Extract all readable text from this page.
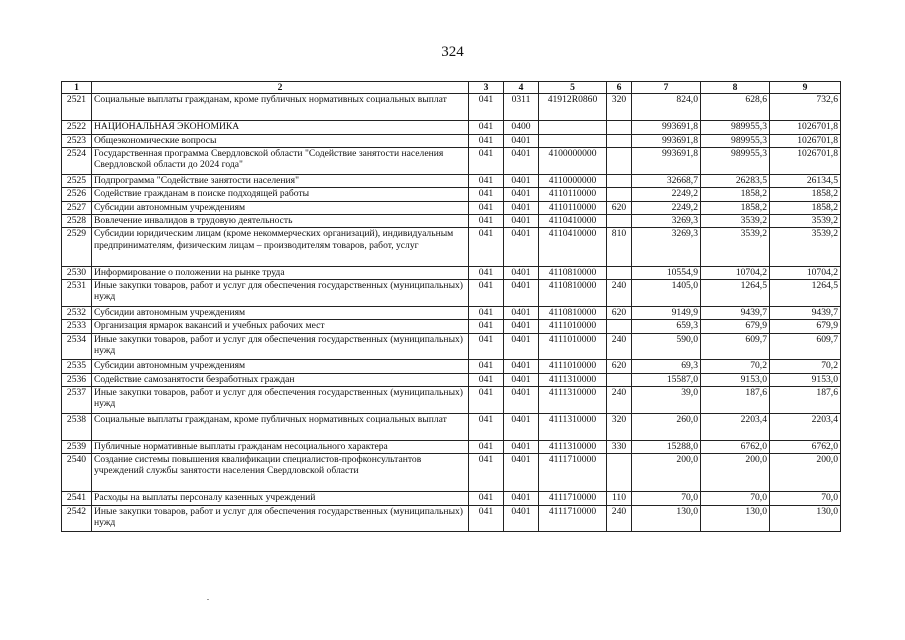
324
1	2	3	4	5	6	7	8	9
2521	Социальные выплаты гражданам, кроме публичных нормативных социальных выплат	041	0311	41912R0860	320	824,0	628,6	732,6
2522	НАЦИОНАЛЬНАЯ ЭКОНОМИКА	041	0400			993691,8	989955,3	1026701,8
2523	Общеэкономические вопросы	041	0401			993691,8	989955,3	1026701,8
2524	Государственная программа Свердловской области "Содействие занятости населения Свердловской области до 2024 года"	041	0401	4100000000		993691,8	989955,3	1026701,8
2525	Подпрограмма "Содействие занятости населения"	041	0401	4110000000		32668,7	26283,5	26134,5
2526	Содействие гражданам в поиске подходящей работы	041	0401	4110110000		2249,2	1858,2	1858,2
2527	Субсидии автономным учреждениям	041	0401	4110110000	620	2249,2	1858,2	1858,2
2528	Вовлечение инвалидов в трудовую деятельность	041	0401	4110410000		3269,3	3539,2	3539,2
2529	Субсидии юридическим лицам (кроме некоммерческих организаций), индивидуальным предпринимателям, физическим лицам – производителям товаров, работ, услуг	041	0401	4110410000	810	3269,3	3539,2	3539,2
2530	Информирование о положении на рынке труда	041	0401	4110810000		10554,9	10704,2	10704,2
2531	Иные закупки товаров, работ и услуг для обеспечения государственных (муниципальных) нужд	041	0401	4110810000	240	1405,0	1264,5	1264,5
2532	Субсидии автономным учреждениям	041	0401	4110810000	620	9149,9	9439,7	9439,7
2533	Организация ярмарок вакансий и учебных рабочих мест	041	0401	4111010000		659,3	679,9	679,9
2534	Иные закупки товаров, работ и услуг для обеспечения государственных (муниципальных) нужд	041	0401	4111010000	240	590,0	609,7	609,7
2535	Субсидии автономным учреждениям	041	0401	4111010000	620	69,3	70,2	70,2
2536	Содействие самозанятости безработных граждан	041	0401	4111310000		15587,0	9153,0	9153,0
2537	Иные закупки товаров, работ и услуг для обеспечения государственных (муниципальных) нужд	041	0401	4111310000	240	39,0	187,6	187,6
2538	Социальные выплаты гражданам, кроме публичных нормативных социальных выплат	041	0401	4111310000	320	260,0	2203,4	2203,4
2539	Публичные нормативные выплаты гражданам несоциального характера	041	0401	4111310000	330	15288,0	6762,0	6762,0
2540	Создание системы повышения квалификации специалистов-профконсультантов учреждений службы занятости населения Свердловской области	041	0401	4111710000		200,0	200,0	200,0
2541	Расходы на выплаты персоналу казенных учреждений	041	0401	4111710000	110	70,0	70,0	70,0
2542	Иные закупки товаров, работ и услуг для обеспечения государственных (муниципальных) нужд	041	0401	4111710000	240	130,0	130,0	130,0
